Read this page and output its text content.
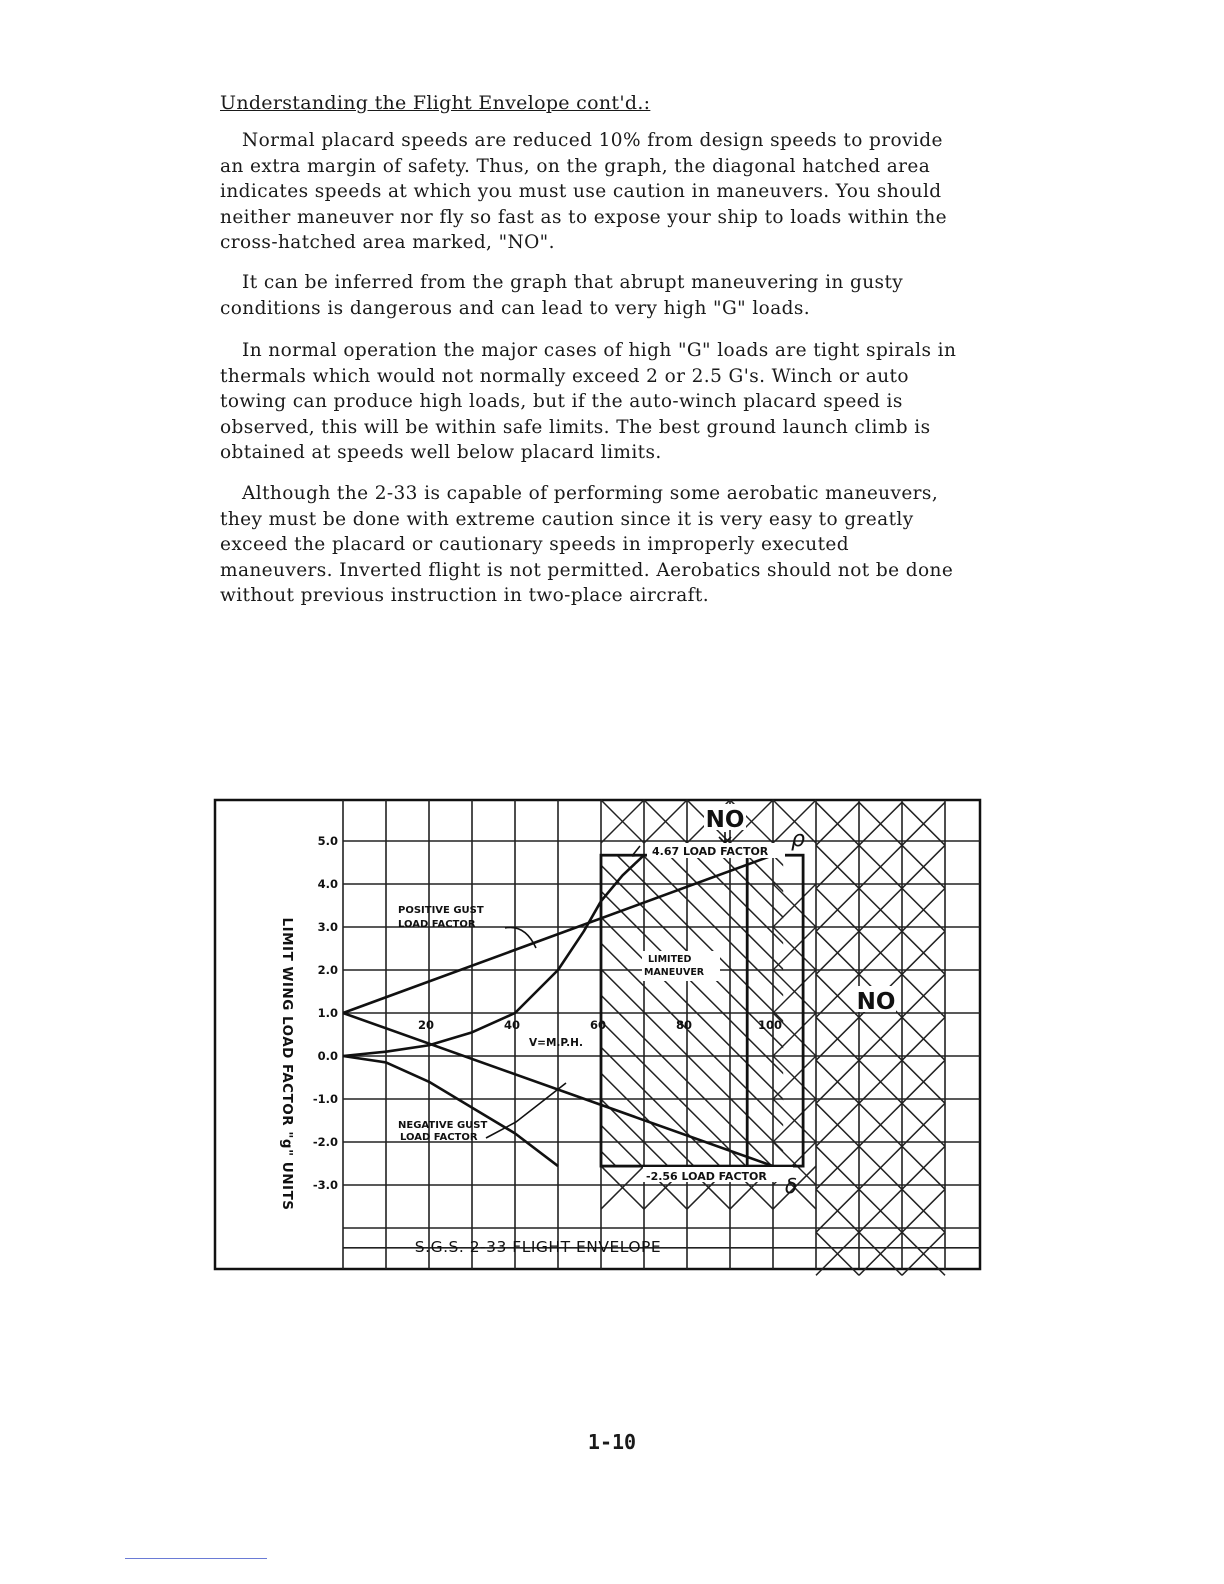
Understanding the Flight Envelope cont'd.:

Normal placard speeds are reduced 10% from design speeds to provide an extra margin of safety. Thus, on the graph, the diagonal hatched area indicates speeds at which you must use caution in maneuvers. You should neither maneuver nor fly so fast as to expose your ship to loads within the cross-hatched area marked, "NO".

It can be inferred from the graph that abrupt maneuvering in gusty conditions is dangerous and can lead to very high "G" loads.

In normal operation the major cases of high "G" loads are tight spirals in thermals which would not normally exceed 2 or 2.5 G's. Winch or auto towing can produce high loads, but if the auto-winch placard speed is observed, this will be within safe limits. The best ground launch climb is obtained at speeds well below placard limits.

Although the 2-33 is capable of performing some aerobatic maneuvers, they must be done with extreme caution since it is very easy to greatly exceed the placard or cautionary speeds in improperly executed maneuvers. Inverted flight is not permitted. Aerobatics should not be done without previous instruction in two-place aircraft.

5.0
4.0
3.0
2.0
1.0
0.0
-1.0
-2.0
-3.0
20	40	60	80	100
LIMIT WING LOAD FACTOR "g" UNITS
S.G.S. 2-33 FLIGHT ENVELOPE
V=M.P.H.
POSITIVE GUST
LOAD FACTOR
NEGATIVE GUST
LOAD FACTOR
4.67 LOAD FACTOR
-2.56 LOAD FACTOR
LIMITED MANEUVER
NO
NO
ρ
δ
1-10
